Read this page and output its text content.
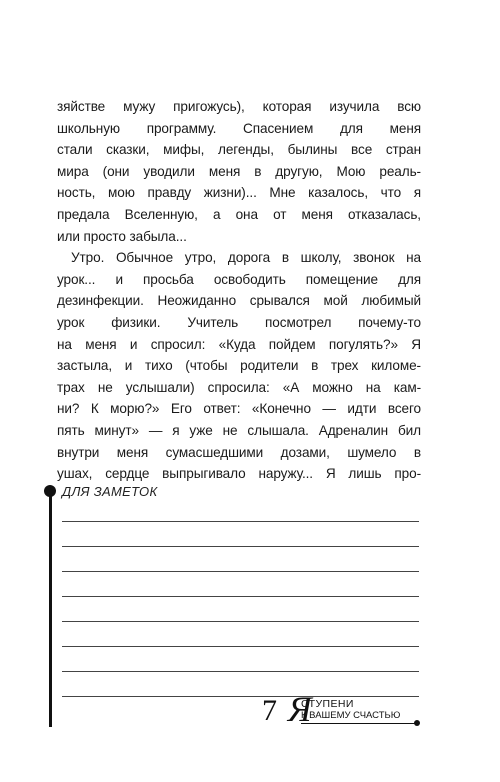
зяйстве мужу пригожусь), которая изучила всю
школьную программу. Спасением для меня
стали сказки, мифы, легенды, былины все стран
мира (они уводили меня в другую, Мою реаль-
ность, мою правду жизни)... Мне казалось, что я
предала Вселенную, а она от меня отказалась,
или просто забыла...
Утро. Обычное утро, дорога в школу, звонок на
урок... и просьба освободить помещение для
дезинфекции. Неожиданно срывался мой любимый
урок физики. Учитель посмотрел почему-то
на меня и спросил: «Куда пойдем погулять?» Я
застыла, и тихо (чтобы родители в трех киломе-
трах не услышали) спросила: «А можно на кам-
ни? К морю?» Его ответ: «Конечно — идти всего
пять минут» — я уже не слышала. Адреналин бил
внутри меня сумасшедшими дозами, шумело в
ушах, сердце выпрыгивало наружу... Я лишь про-
ДЛЯ ЗАМЕТОК
7 Я
СТУПЕНИ
К ВАШЕМУ СЧАСТЬЮ
